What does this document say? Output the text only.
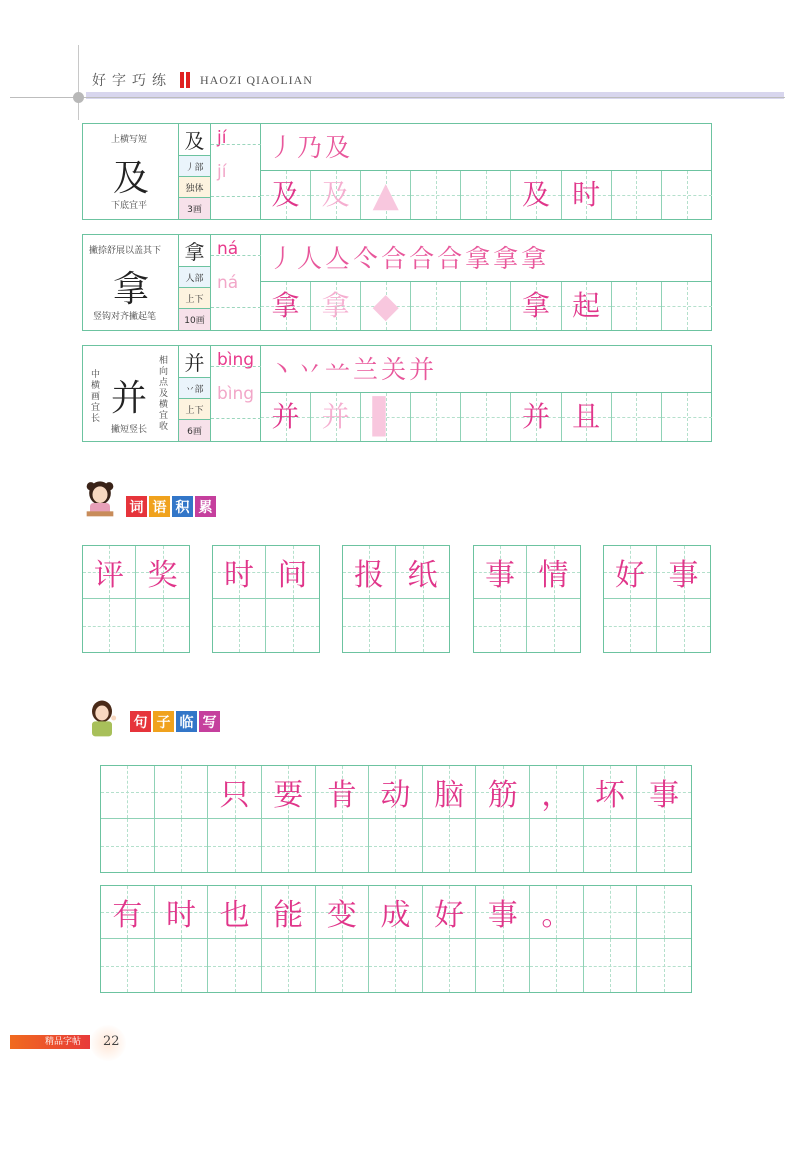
好字巧练 HAOZI QIAOLIAN
上横写短
及
下底宜平
及
丿部
独体
3画
jí
jí
丿 乃 及
及 及 ▲	及 时
撇捺舒展以盖其下
拿
竖钩对齐撇起笔
拿
人部
上下
10画
ná
ná
丿 人 亼 仒 合 合 合 拿 拿 拿
拿 拿 ◆	拿 起
中横画宜长 并
相向点及横宜收
撇短竖长
并
丷部
上下
6画
bìng
bìng
丶 丷 䒑 兰 关 并
并 并 ▌	并 且
词 语 积 累
评 奖 时 间 报 纸 事 情 好 事
句 子 临 写
只 要 肯 动 脑 筋 ， 坏 事
有 时 也 能 变 成 好 事 。
精品字帖 22
